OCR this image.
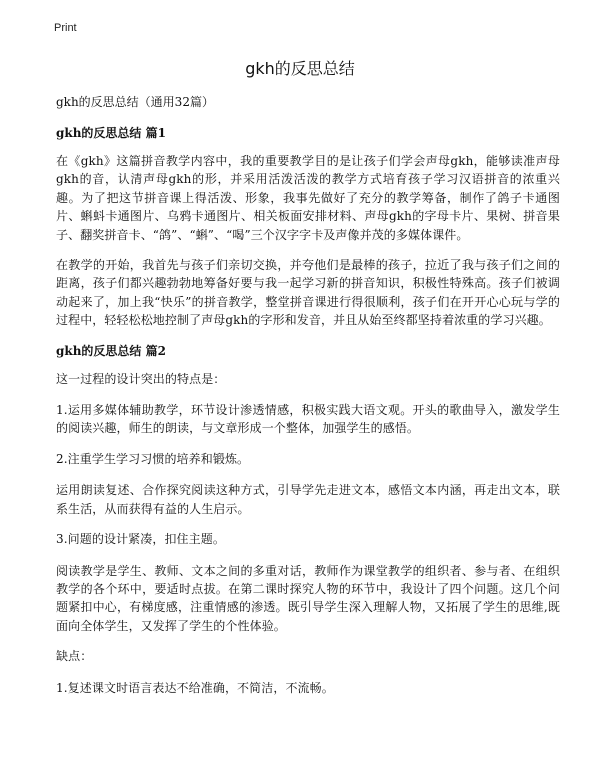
Print
gkh的反思总结

gkh的反思总结（通用32篇）

gkh的反思总结 篇1

在《gkh》这篇拼音教学内容中，我的重要教学目的是让孩子们学会声母gkh，能够读准声母gkh的音，认清声母gkh的形，并采用活泼活泼的教学方式培育孩子学习汉语拼音的浓重兴趣。为了把这节拼音课上得活泼、形象，我事先做好了充分的教学筹备，制作了鸽子卡通图片、蝌蚪卡通图片、乌鸦卡通图片、相关板面安排材料、声母gkh的字母卡片、果树、拼音果子、翻奖拼音卡、“鸽”、“蝌”、“喝”三个汉字字卡及声像并茂的多媒体课件。

在教学的开始，我首先与孩子们亲切交换，并夸他们是最棒的孩子，拉近了我与孩子们之间的距离，孩子们都兴趣勃勃地筹备好要与我一起学习新的拼音知识，积极性特殊高。孩子们被调动起来了，加上我“快乐”的拼音教学，整堂拼音课进行得很顺利，孩子们在开开心心玩与学的过程中，轻轻松松地控制了声母gkh的字形和发音，并且从始至终都坚持着浓重的学习兴趣。

gkh的反思总结 篇2

这一过程的设计突出的特点是：

1.运用多媒体辅助教学，环节设计渗透情感，积极实践大语文观。开头的歌曲导入，激发学生的阅读兴趣，师生的朗读，与文章形成一个整体，加强学生的感悟。

2.注重学生学习习惯的培养和锻炼。

运用朗读复述、合作探究阅读这种方式，引导学先走进文本，感悟文本内涵，再走出文本，联系生活，从而获得有益的人生启示。

3.问题的设计紧凑，扣住主题。

阅读教学是学生、教师、文本之间的多重对话，教师作为课堂教学的组织者、参与者、在组织教学的各个环中，要适时点拔。在第二课时探究人物的环节中，我设计了四个问题。这几个问题紧扣中心，有梯度感，注重情感的渗透。既引导学生深入理解人物，又拓展了学生的思维,既面向全体学生，又发挥了学生的个性体验。

缺点：

1.复述课文时语言表达不给准确，不简洁，不流畅。
